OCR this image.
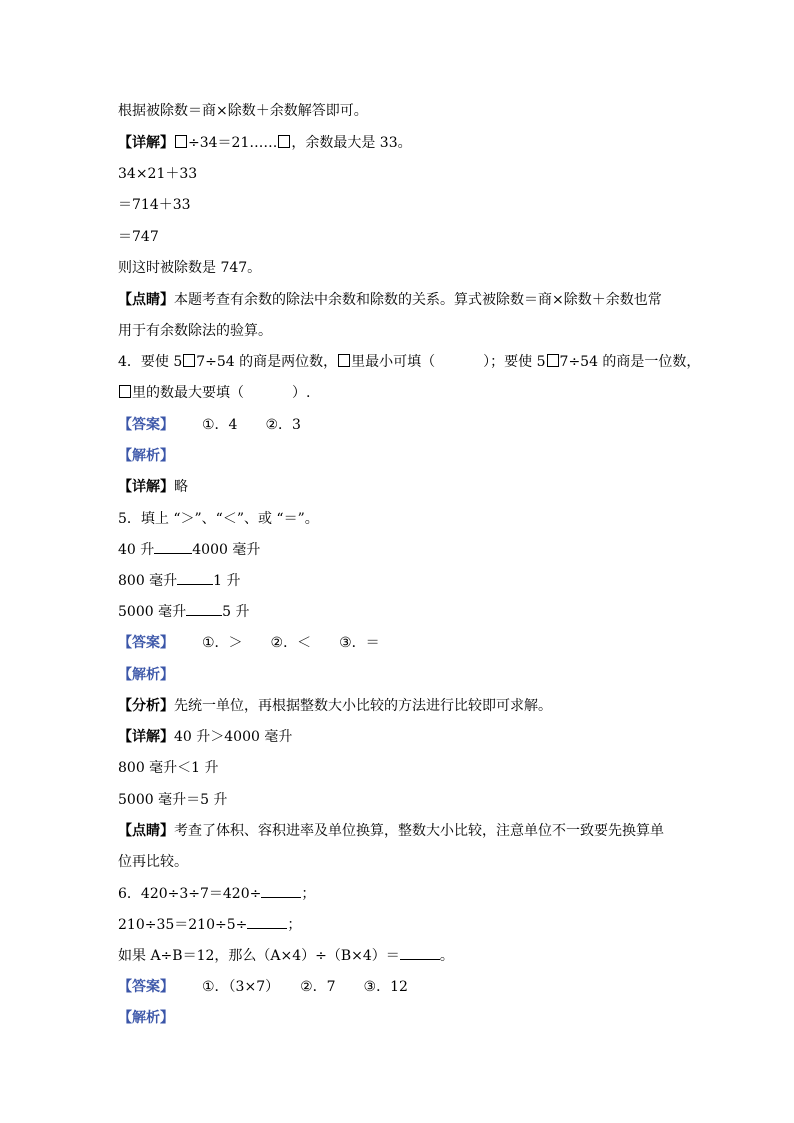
根据被除数＝商×除数＋余数解答即可。
【详解】 ÷34＝21…… ，余数最大是 33。
34×21＋33
＝714＋33
＝747
则这时被除数是 747。
【点睛】本题考查有余数的除法中余数和除数的关系。算式被除数＝商×除数＋余数也常
用于有余数除法的验算。
4．要使 5 7÷54 的商是两位数， 里最小可填（	）；要使 5 7÷54 的商是一位数，
里的数最大要填（	）.
【答案】 ①．4　　②．3
【解析】
【详解】略
5．填上 “＞”、“＜”、或 “＝”。
40 升	4000 毫升
800 毫升	1 升
5000 毫升	5 升
【答案】 ①．＞　　②．＜　　③．＝
【解析】
【分析】先统一单位，再根据整数大小比较的方法进行比较即可求解。
【详解】40 升＞4000 毫升
800 毫升＜1 升
5000 毫升＝5 升
【点睛】考查了体积、容积进率及单位换算，整数大小比较，注意单位不一致要先换算单
位再比较。
6．420÷3÷7＝420÷	；
210÷35＝210÷5÷	；
如果 A÷B＝12，那么（A×4）÷（B×4）＝	。
【答案】 ①．（3×7）　　②．7　　③．12
【解析】
